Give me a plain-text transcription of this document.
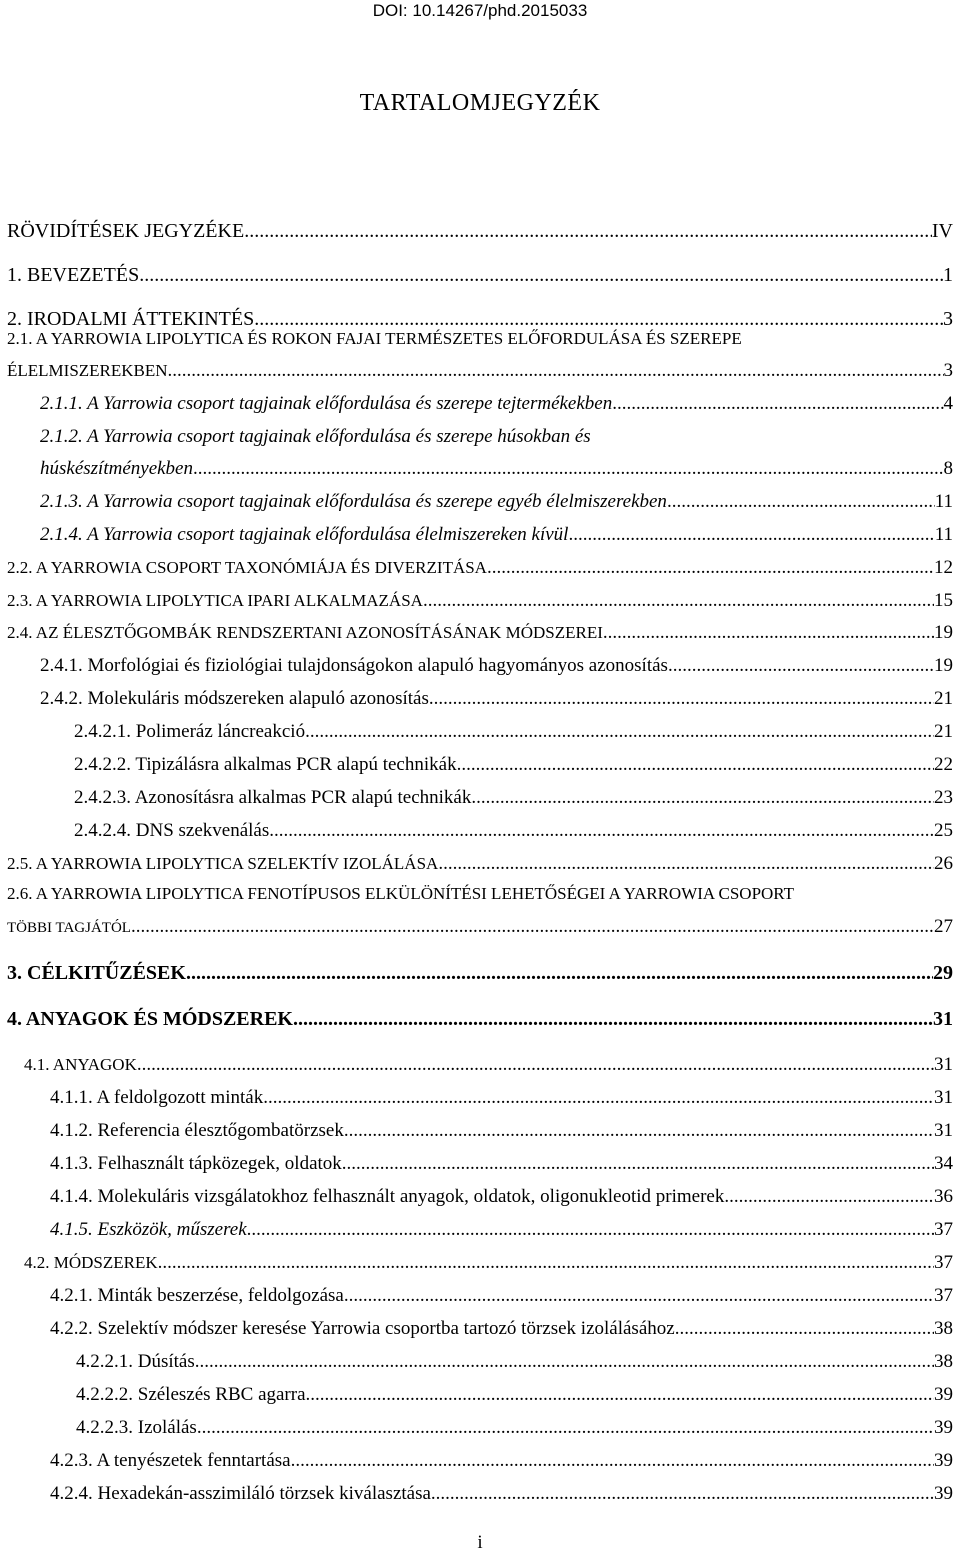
DOI: 10.14267/phd.2015033
TARTALOMJEGYZÉK
RÖVIDÍTÉSEK JEGYZÉKE .....	IV
1. BEVEZETÉS .....	1
2. IRODALMI ÁTTEKINTÉS .....	3
2.1. A YARROWIA LIPOLYTICA ÉS ROKON FAJAI TERMÉSZETES ELŐFORDULÁSA ÉS SZEREPE
ÉLELMISZEREKBEN .....	3
2.1.1. A Yarrowia csoport tagjainak előfordulása és szerepe tejtermékekben .....	4
2.1.2. A Yarrowia csoport tagjainak előfordulása és szerepe húsokban és
húskészítményekben .....	8
2.1.3. A Yarrowia csoport tagjainak előfordulása és szerepe egyéb élelmiszerekben .....	11
2.1.4. A Yarrowia csoport tagjainak előfordulása élelmiszereken kívül .....	11
2.2. A YARROWIA CSOPORT TAXONÓMIÁJA ÉS DIVERZITÁSA .....	12
2.3. A YARROWIA LIPOLYTICA IPARI ALKALMAZÁSA .....	15
2.4. AZ ÉLESZTŐGOMBÁK RENDSZERTANI AZONOSÍTÁSÁNAK MÓDSZEREI .....	19
2.4.1. Morfológiai és fiziológiai tulajdonságokon alapuló hagyományos azonosítás .....	19
2.4.2. Molekuláris módszereken alapuló azonosítás .....	21
2.4.2.1. Polimeráz láncreakció .....	21
2.4.2.2. Tipizálásra alkalmas PCR alapú technikák .....	22
2.4.2.3. Azonosításra alkalmas PCR alapú technikák .....	23
2.4.2.4. DNS szekvenálás .....	25
2.5. A YARROWIA LIPOLYTICA SZELEKTÍV IZOLÁLÁSA .....	26
2.6. A YARROWIA LIPOLYTICA FENOTÍPUSOS ELKÜLÖNÍTÉSI LEHETŐSÉGEI A YARROWIA CSOPORT
TÖBBI TAGJÁTÓL .....	27
3. CÉLKITŰZÉSEK .....	29
4. ANYAGOK ÉS MÓDSZEREK .....	31
4.1. ANYAGOK .....	31
4.1.1. A feldolgozott minták .....	31
4.1.2. Referencia élesztőgombatörzsek .....	31
4.1.3. Felhasznált tápközegek, oldatok .....	34
4.1.4. Molekuláris vizsgálatokhoz felhasznált anyagok, oldatok, oligonukleotid primerek .....	36
4.1.5. Eszközök, műszerek .....	37
4.2. MÓDSZEREK .....	37
4.2.1. Minták beszerzése, feldolgozása .....	37
4.2.2. Szelektív módszer keresése Yarrowia csoportba tartozó törzsek izolálásához .....	38
4.2.2.1. Dúsítás .....	38
4.2.2.2. Széleszés RBC agarra .....	39
4.2.2.3. Izolálás .....	39
4.2.3. A tenyészetek fenntartása .....	39
4.2.4. Hexadekán-asszimiláló törzsek kiválasztása .....	39
i
